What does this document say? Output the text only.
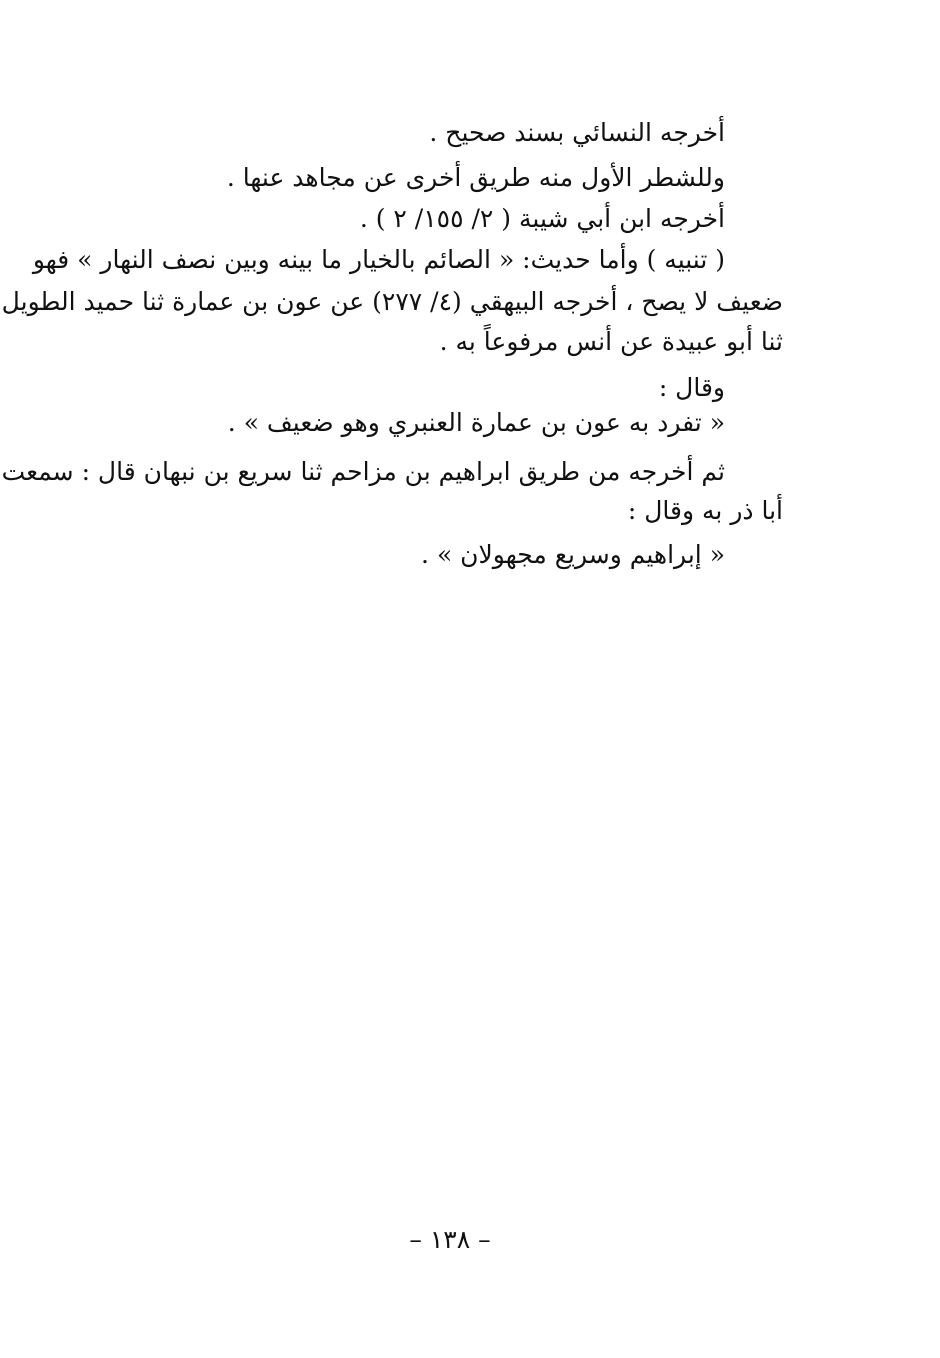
أخرجه النسائي بسند صحيح .
وللشطر الأول منه طريق أخرى عن مجاهد عنها .
أخرجه ابن أبي شيبة ( ٢/ ١٥٥/ ٢ ) .
( تنبيه ) وأما حديث: « الصائم بالخيار ما بينه وبين نصف النهار » فهو
ضعيف لا يصح ، أخرجه البيهقي (٤/ ٢٧٧) عن عون بن عمارة ثنا حميد الطويل
ثنا أبو عبيدة عن أنس مرفوعاً به .
وقال :
« تفرد به عون بن عمارة العنبري وهو ضعيف » .
ثم أخرجه من طريق ابراهيم بن مزاحم ثنا سريع بن نبهان قال : سمعت
أبا ذر به وقال :
« إبراهيم وسريع مجهولان » .
– ١٣٨ –
